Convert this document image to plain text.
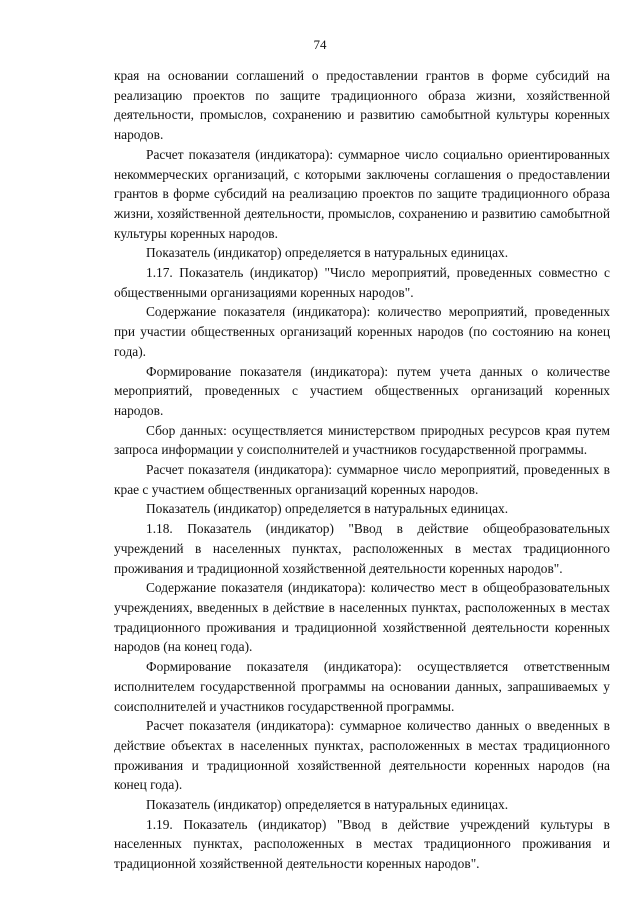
74

края на основании соглашений о предоставлении грантов в форме субсидий на реализацию проектов по защите традиционного образа жизни, хозяйственной деятельности, промыслов, сохранению и развитию самобытной культуры коренных народов.

Расчет показателя (индикатора): суммарное число социально ориентированных некоммерческих организаций, с которыми заключены соглашения о предоставлении грантов в форме субсидий на реализацию проектов по защите традиционного образа жизни, хозяйственной деятельности, промыслов, сохранению и развитию самобытной культуры коренных народов.

Показатель (индикатор) определяется в натуральных единицах.

1.17. Показатель (индикатор) "Число мероприятий, проведенных совместно с общественными организациями коренных народов".

Содержание показателя (индикатора): количество мероприятий, проведенных при участии общественных организаций коренных народов (по состоянию на конец года).

Формирование показателя (индикатора): путем учета данных о количестве мероприятий, проведенных с участием общественных организаций коренных народов.

Сбор данных: осуществляется министерством природных ресурсов края путем запроса информации у соисполнителей и участников государственной программы.

Расчет показателя (индикатора): суммарное число мероприятий, проведенных в крае с участием общественных организаций коренных народов.

Показатель (индикатор) определяется в натуральных единицах.

1.18. Показатель (индикатор) "Ввод в действие общеобразовательных учреждений в населенных пунктах, расположенных в местах традиционного проживания и традиционной хозяйственной деятельности коренных народов".

Содержание показателя (индикатора): количество мест в общеобразовательных учреждениях, введенных в действие в населенных пунктах, расположенных в местах традиционного проживания и традиционной хозяйственной деятельности коренных народов (на конец года).

Формирование показателя (индикатора): осуществляется ответственным исполнителем государственной программы на основании данных, запрашиваемых у соисполнителей и участников государственной программы.

Расчет показателя (индикатора): суммарное количество данных о введенных в действие объектах в населенных пунктах, расположенных в местах традиционного проживания и традиционной хозяйственной деятельности коренных народов (на конец года).

Показатель (индикатор) определяется в натуральных единицах.

1.19. Показатель (индикатор) "Ввод в действие учреждений культуры в населенных пунктах, расположенных в местах традиционного проживания и традиционной хозяйственной деятельности коренных народов".
